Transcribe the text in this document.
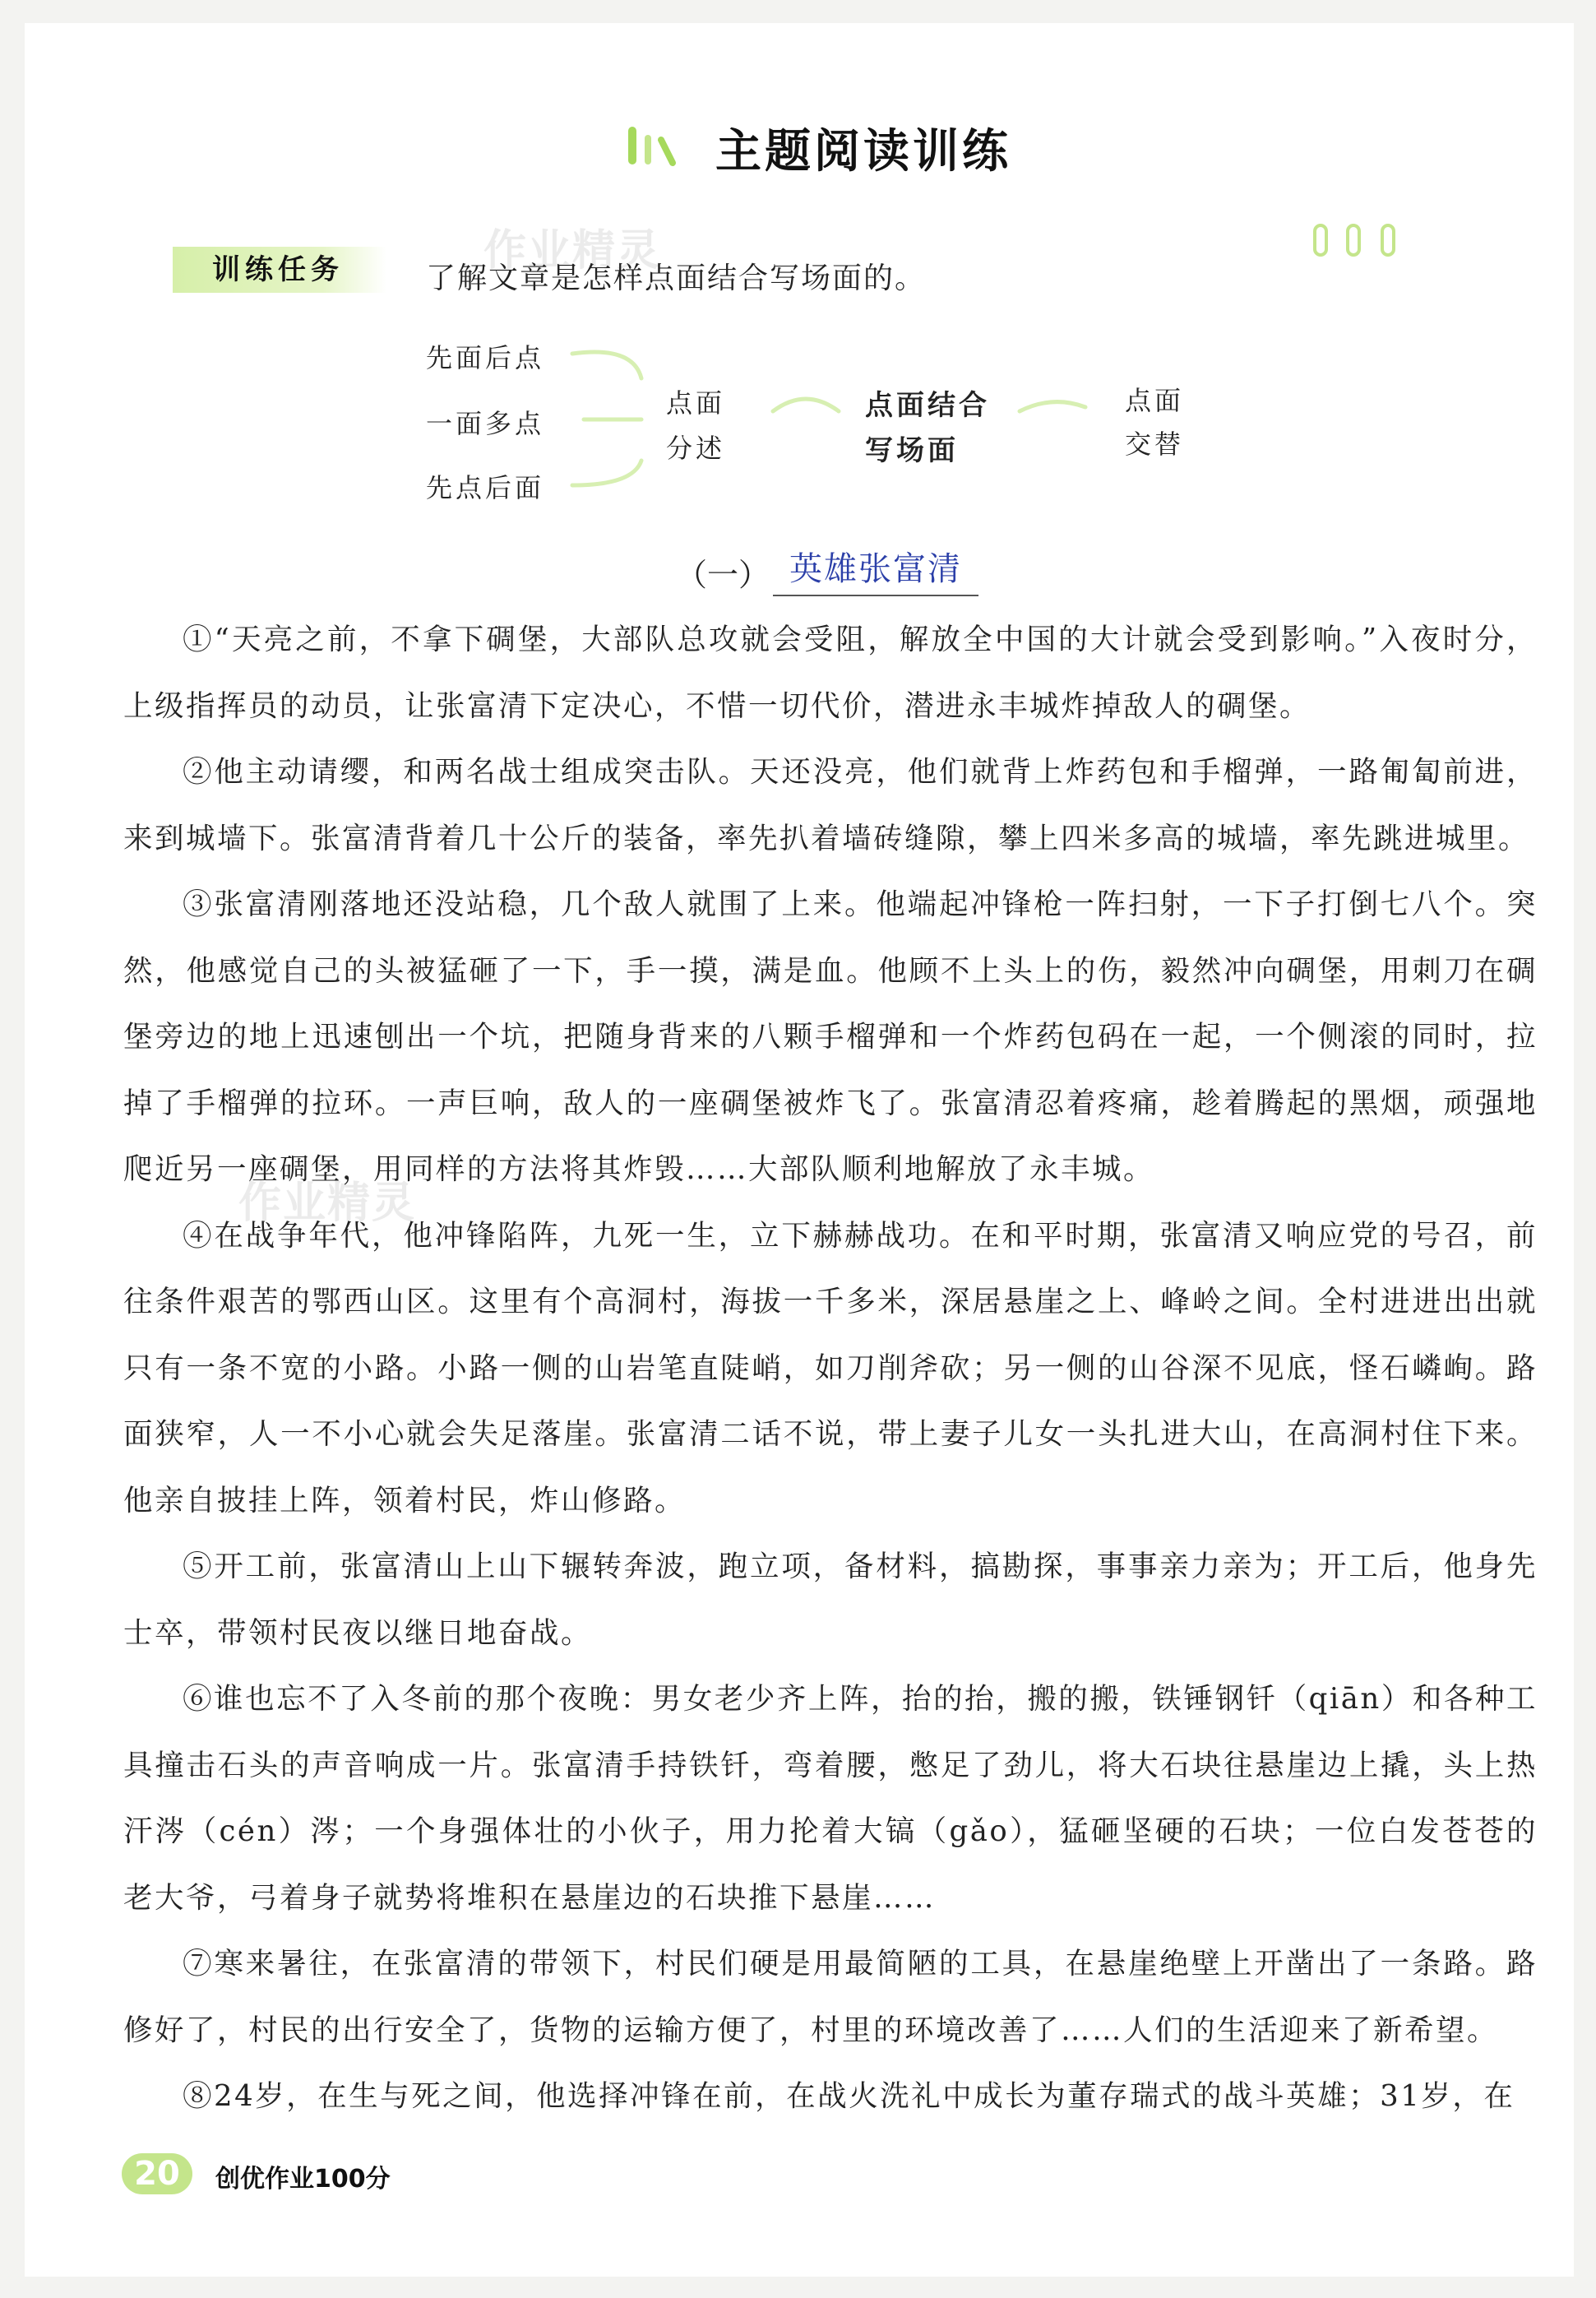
主题阅读训练
作业精灵
作业精灵
训练任务	了解文章是怎样点面结合写场面的。
先面后点
一面多点
先点后面
点面
分述
点面结合
写场面
点面
交替
（一） 英雄张富清

①“天亮之前，不拿下碉堡，大部队总攻就会受阻，解放全中国的大计就会受到影响。”入夜时分，上级指挥员的动员，让张富清下定决心，不惜一切代价，潜进永丰城炸掉敌人的碉堡。

②他主动请缨，和两名战士组成突击队。天还没亮，他们就背上炸药包和手榴弹，一路匍匐前进，来到城墙下。张富清背着几十公斤的装备，率先扒着墙砖缝隙，攀上四米多高的城墙，率先跳进城里。

③张富清刚落地还没站稳，几个敌人就围了上来。他端起冲锋枪一阵扫射，一下子打倒七八个。突然，他感觉自己的头被猛砸了一下，手一摸，满是血。他顾不上头上的伤，毅然冲向碉堡，用刺刀在碉堡旁边的地上迅速刨出一个坑，把随身背来的八颗手榴弹和一个炸药包码在一起，一个侧滚的同时，拉掉了手榴弹的拉环。一声巨响，敌人的一座碉堡被炸飞了。张富清忍着疼痛，趁着腾起的黑烟，顽强地爬近另一座碉堡，用同样的方法将其炸毁……大部队顺利地解放了永丰城。

④在战争年代，他冲锋陷阵，九死一生，立下赫赫战功。在和平时期，张富清又响应党的号召，前往条件艰苦的鄂西山区。这里有个高洞村，海拔一千多米，深居悬崖之上、峰岭之间。全村进进出出就只有一条不宽的小路。小路一侧的山岩笔直陡峭，如刀削斧砍；另一侧的山谷深不见底，怪石嶙峋。路面狭窄，人一不小心就会失足落崖。张富清二话不说，带上妻子儿女一头扎进大山，在高洞村住下来。他亲自披挂上阵，领着村民，炸山修路。

⑤开工前，张富清山上山下辗转奔波，跑立项，备材料，搞勘探，事事亲力亲为；开工后，他身先士卒，带领村民夜以继日地奋战。

⑥谁也忘不了入冬前的那个夜晚：男女老少齐上阵，抬的抬，搬的搬，铁锤钢钎（qiān）和各种工具撞击石头的声音响成一片。张富清手持铁钎，弯着腰，憋足了劲儿，将大石块往悬崖边上撬，头上热汗涔（cén）涔；一个身强体壮的小伙子，用力抡着大镐（gǎo），猛砸坚硬的石块；一位白发苍苍的老大爷，弓着身子就势将堆积在悬崖边的石块推下悬崖……

⑦寒来暑往，在张富清的带领下，村民们硬是用最简陋的工具，在悬崖绝壁上开凿出了一条路。路修好了，村民的出行安全了，货物的运输方便了，村里的环境改善了……人们的生活迎来了新希望。

⑧24岁，在生与死之间，他选择冲锋在前，在战火洗礼中成长为董存瑞式的战斗英雄；31岁，在

20	创优作业100分
